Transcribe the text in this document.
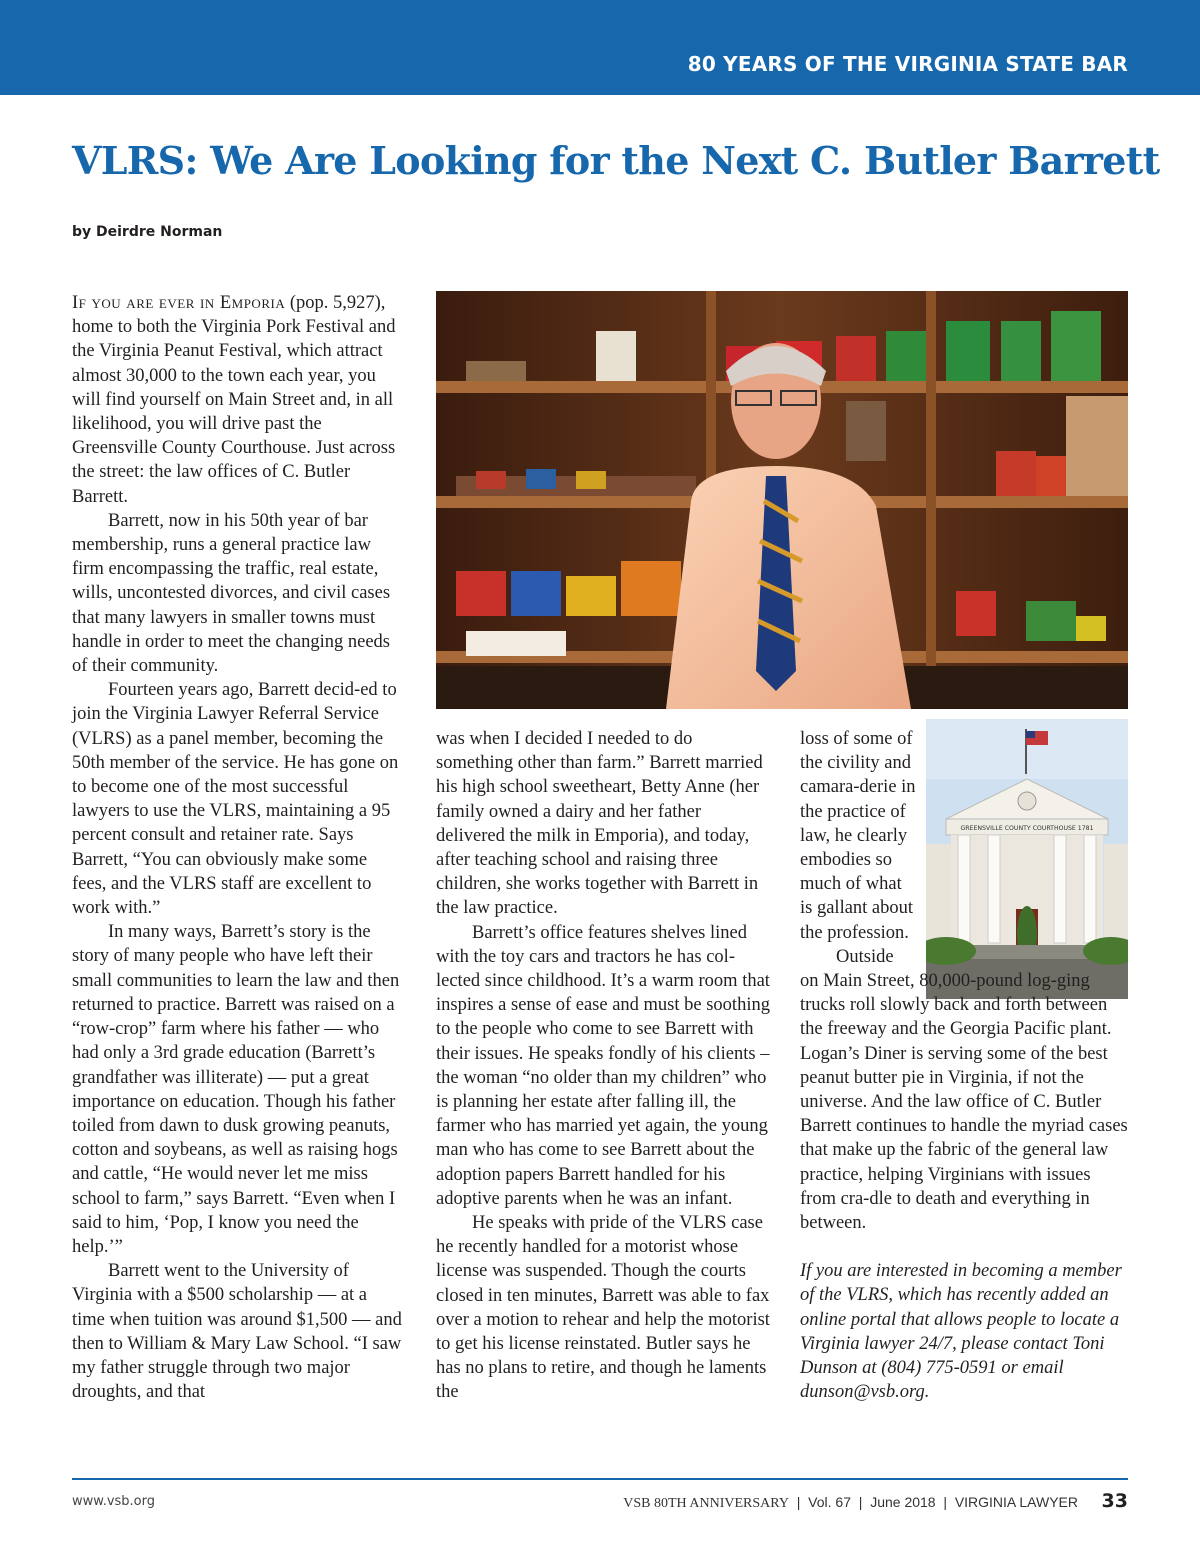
80 YEARS OF THE VIRGINIA STATE BAR
VLRS: We Are Looking for the Next C. Butler Barrett
by Deirdre Norman

If you are ever in Emporia (pop. 5,927), home to both the Virginia Pork Festival and the Virginia Peanut Festival, which attract almost 30,000 to the town each year, you will find yourself on Main Street and, in all likelihood, you will drive past the Greensville County Courthouse. Just across the street: the law offices of C. Butler Barrett.

Barrett, now in his 50th year of bar membership, runs a general practice law firm encompassing the traffic, real estate, wills, uncontested divorces, and civil cases that many lawyers in smaller towns must handle in order to meet the changing needs of their community.

Fourteen years ago, Barrett decid-ed to join the Virginia Lawyer Referral Service (VLRS) as a panel member, becoming the 50th member of the service. He has gone on to become one of the most successful lawyers to use the VLRS, maintaining a 95 percent consult and retainer rate. Says Barrett, “You can obviously make some fees, and the VLRS staff are excellent to work with.”

In many ways, Barrett’s story is the story of many people who have left their small communities to learn the law and then returned to practice. Barrett was raised on a “row-crop” farm where his father — who had only a 3rd grade education (Barrett’s grandfather was illiterate) — put a great importance on education. Though his father toiled from dawn to dusk growing peanuts, cotton and soybeans, as well as raising hogs and cattle, “He would never let me miss school to farm,” says Barrett. “Even when I said to him, ‘Pop, I know you need the help.’”

Barrett went to the University of Virginia with a $500 scholarship — at a time when tuition was around $1,500 — and then to William & Mary Law School. “I saw my father struggle through two major droughts, and that

was when I decided I needed to do something other than farm.” Barrett married his high school sweetheart, Betty Anne (her family owned a dairy and her father delivered the milk in Emporia), and today, after teaching school and raising three children, she works together with Barrett in the law practice.

Barrett’s office features shelves lined with the toy cars and tractors he has col-lected since childhood. It’s a warm room that inspires a sense of ease and must be soothing to the people who come to see Barrett with their issues. He speaks fondly of his clients – the woman “no older than my children” who is planning her estate after falling ill, the farmer who has married yet again, the young man who has come to see Barrett about the adoption papers Barrett handled for his adoptive parents when he was an infant.

He speaks with pride of the VLRS case he recently handled for a motorist whose license was suspended. Though the courts closed in ten minutes, Barrett was able to fax over a motion to rehear and help the motorist to get his license reinstated. Butler says he has no plans to retire, and though he laments the

GREENSVILLE COUNTY COURTHOUSE 1781

loss of some of the civility and camara-derie in the practice of law, he clearly embodies so much of what is gallant about the profession.

Outside

on Main Street, 80,000-pound log-ging trucks roll slowly back and forth between the freeway and the Georgia Pacific plant. Logan’s Diner is serving some of the best peanut butter pie in Virginia, if not the universe. And the law office of C. Butler Barrett continues to handle the myriad cases that make up the fabric of the general law practice, helping Virginians with issues from cra-dle to death and everything in between.

If you are interested in becoming a member of the VLRS, which has recently added an online portal that allows people to locate a Virginia lawyer 24/7, please contact Toni Dunson at (804) 775-0591 or email dunson@vsb.org.

www.vsb.org	VSB 80TH ANNIVERSARY | Vol. 67 | June 2018 | VIRGINIA LAWYER 33
